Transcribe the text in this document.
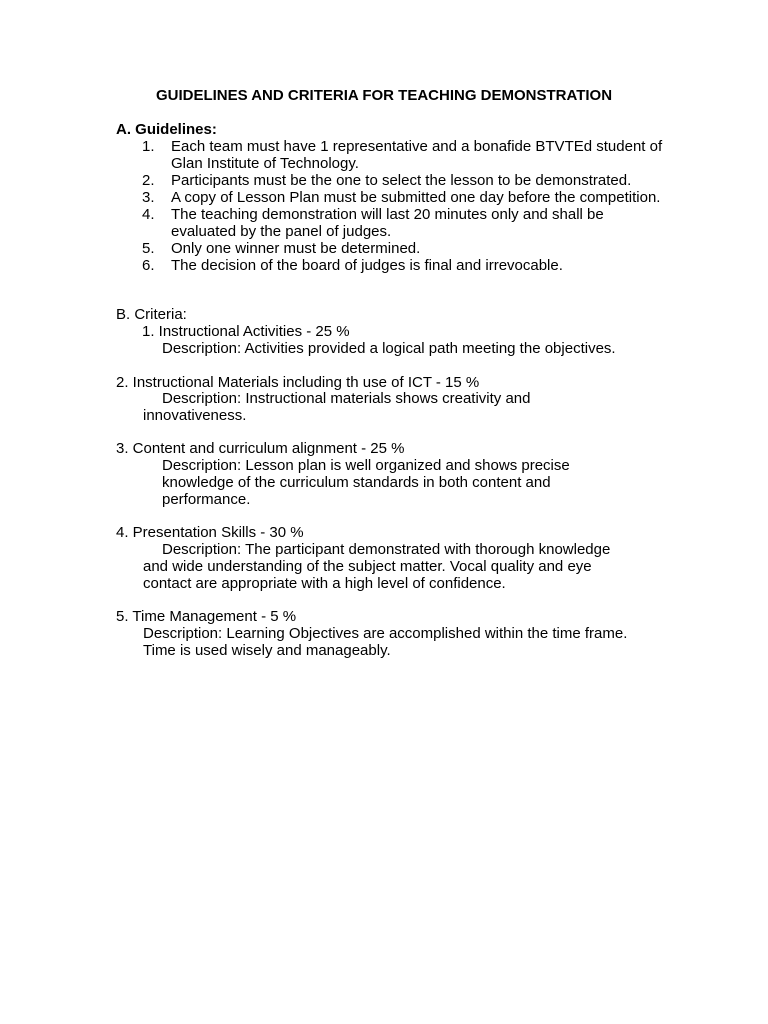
GUIDELINES AND CRITERIA FOR TEACHING DEMONSTRATION

A. Guidelines:

1. Each team must have 1 representative and a bonafide BTVTEd student of Glan Institute of Technology.
2. Participants must be the one to select the lesson to be demonstrated.
3. A copy of Lesson Plan must be submitted one day before the competition.
4. The teaching demonstration will last 20 minutes only and shall be evaluated by the panel of judges.
5. Only one winner must be determined.
6. The decision of the board of judges is final and irrevocable.

B. Criteria:

1. Instructional Activities - 25 %

Description: Activities provided a logical path meeting the objectives.

2. Instructional Materials including th use of ICT - 15 %

Description: Instructional materials shows creativity and
innovativeness.

3. Content and curriculum alignment - 25 %

Description: Lesson plan is well organized and shows precise
knowledge of the curriculum standards in both content and
performance.

4. Presentation Skills - 30 %

Description: The participant demonstrated with thorough knowledge
and wide understanding of the subject matter. Vocal quality and eye
contact are appropriate with a high level of confidence.

5. Time Management - 5 %

Description: Learning Objectives are accomplished within the time frame.
Time is used wisely and manageably.
